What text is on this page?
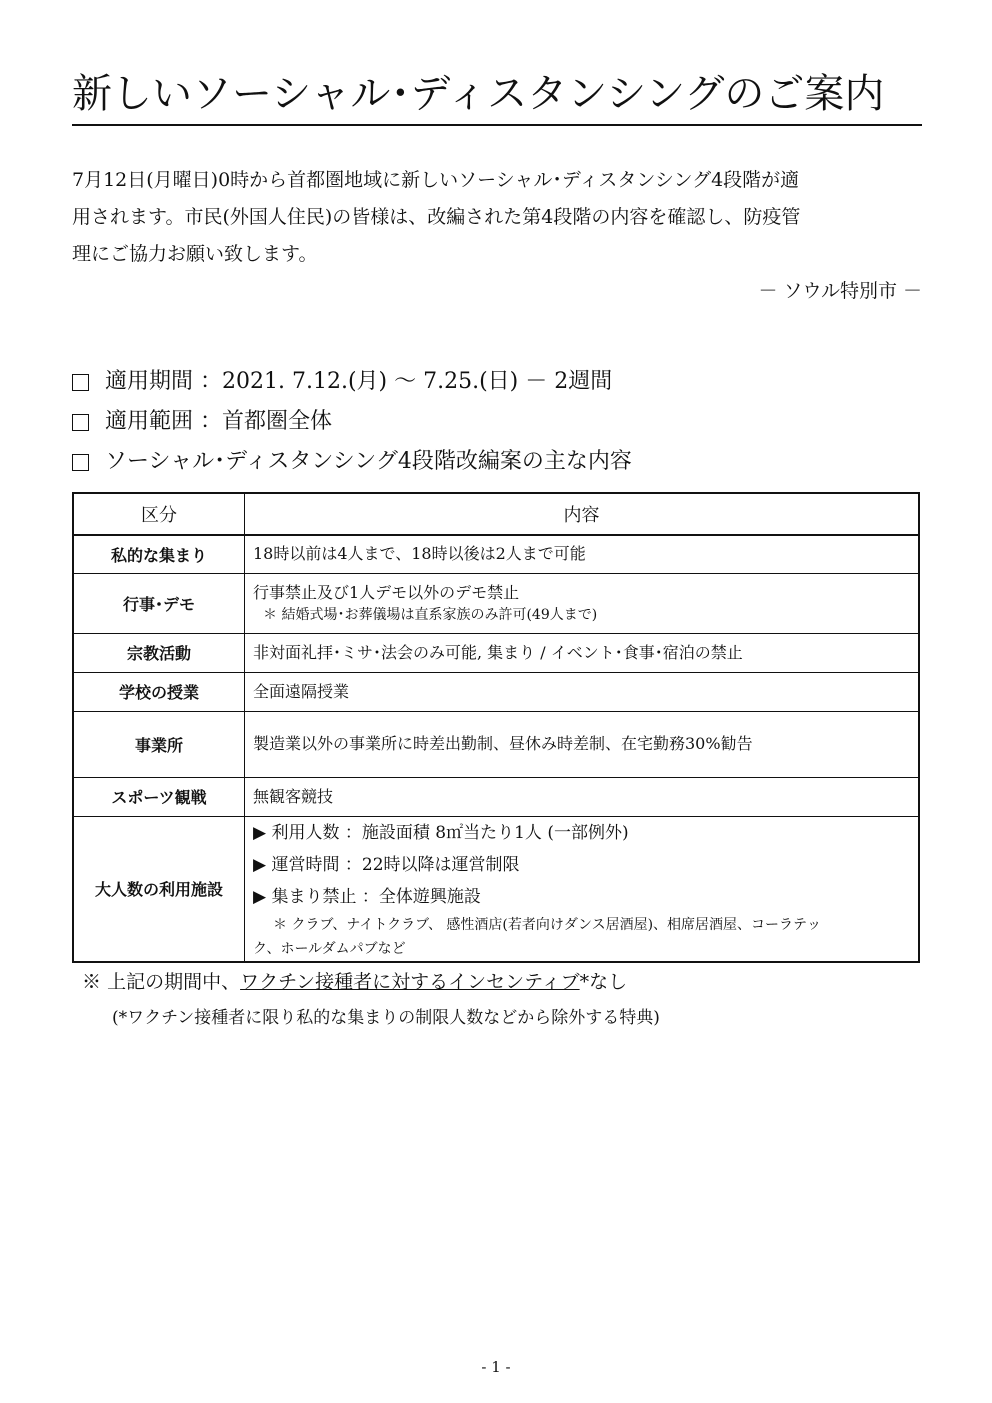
新しいソーシャル･ディスタンシングのご案内

7月12日(月曜日)0時から首都圏地域に新しいソーシャル･ディスタンシング4段階が適

用されます。市民(外国人住民)の皆様は、改編された第4段階の内容を確認し、防疫管

理にご協力お願い致します。

－ ソウル特別市 －
適用期間 ：2021. 7.12.(月) ～ 7.25.(日) － 2週間
適用範囲 ：首都圏全体
ソーシャル･ディスタンシング4段階改編案の主な内容
区分	内容
私的な集まり	18時以前は4人まで、18時以後は2人まで可能
行事･デモ	行事禁止及び1人デモ以外のデモ禁止
＊ 結婚式場･お葬儀場は直系家族のみ許可(49人まで)

宗教活動	非対面礼拝･ミサ･法会のみ可能, 集まり / イベント･食事･宿泊の禁止
学校の授業	全面遠隔授業
事業所	製造業以外の事業所に時差出勤制、昼休み時差制、在宅勤務30%勧告
スポーツ観戦	無観客競技
大人数の利用施設	▶ 利用人数 ：施設面積 8㎡当たり1人 (一部例外)
▶ 運営時間 ：22時以降は運営制限
▶ 集まり禁止 ：全体遊興施設
＊ クラブ、ナイトクラブ、 感性酒店(若者向けダンス居酒屋)、相席居酒屋、コーラテッ
ク、ホールダムパブなど
※ 上記の期間中、ワクチン接種者に対するインセンティブ*なし
(*ワクチン接種者に限り私的な集まりの制限人数などから除外する特典)
- 1 -
